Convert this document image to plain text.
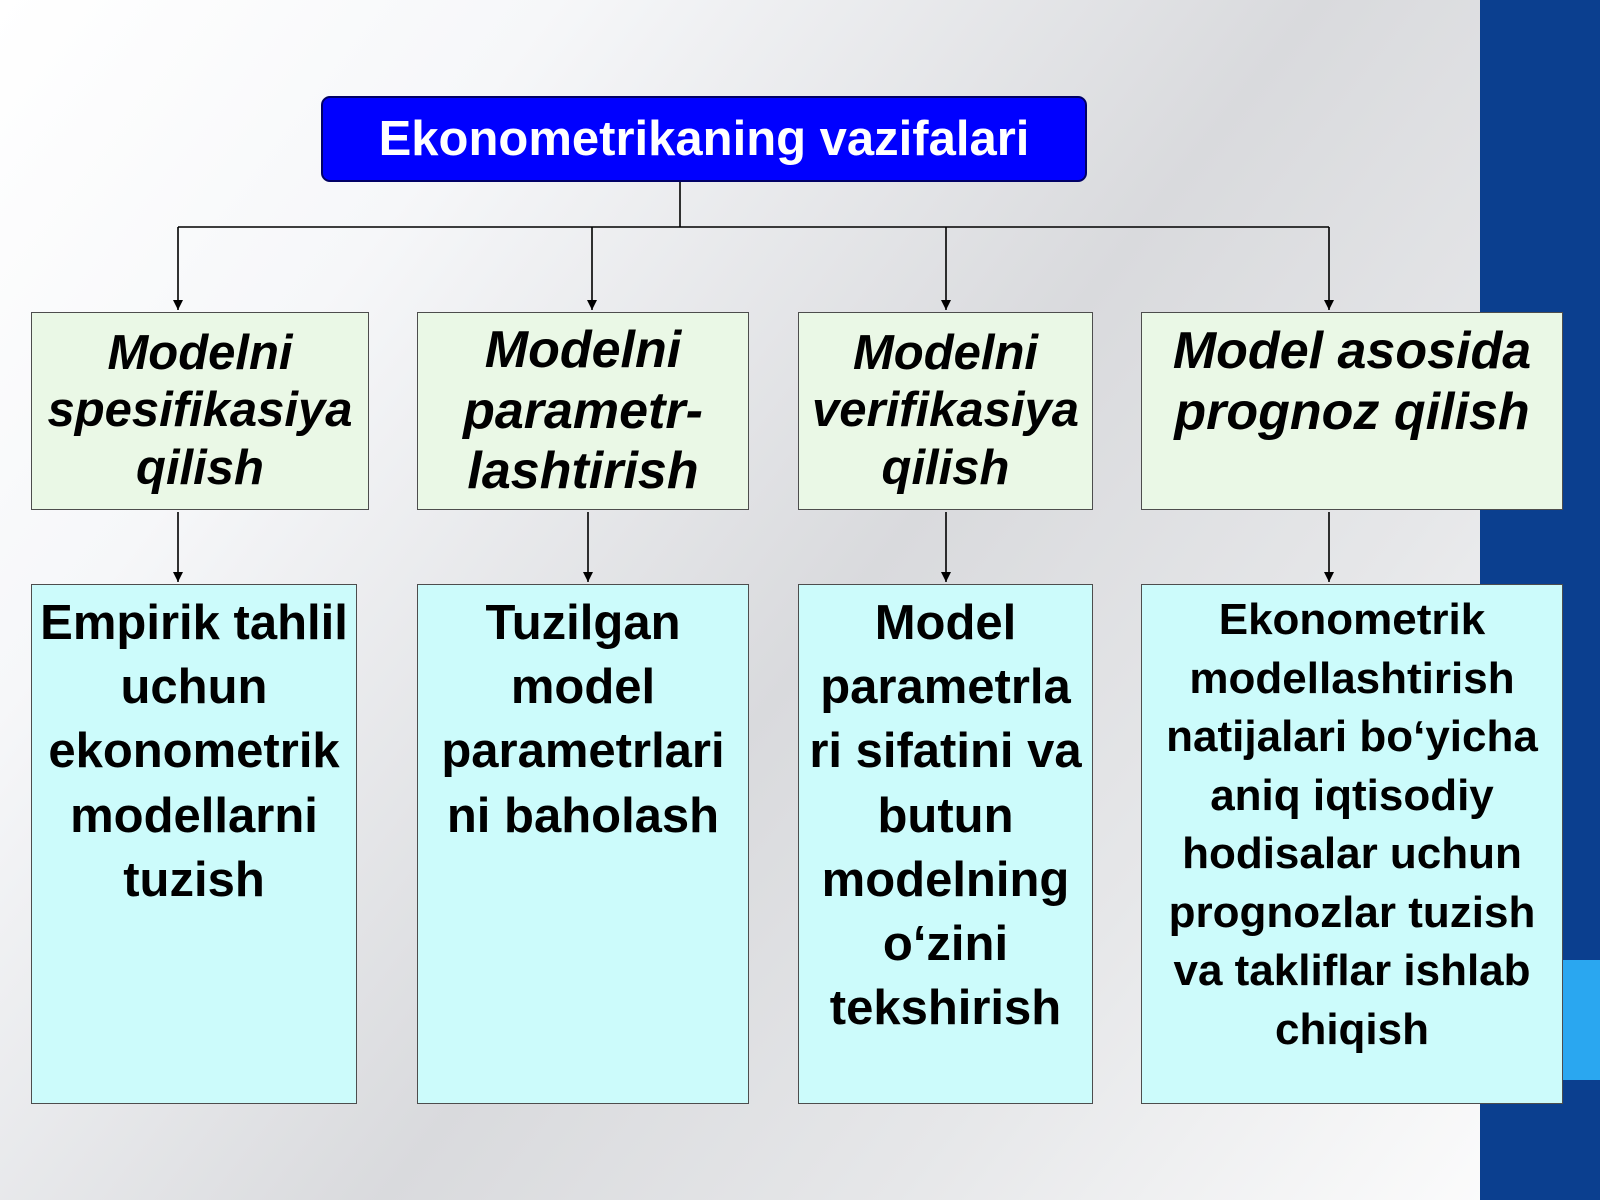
Ekonometrikaning vazifalari
Modelni spesifikasiya qilish
Modelni parametr-lashtirish
Modelni verifikasiya qilish
Model asosida prognoz qilish
Empirik tahlil uchun ekonometrik modellarni tuzish
Tuzilgan model parametrlari ni baholash
Model parametrla ri sifatini va butun modelning o‘zini tekshirish
Ekonometrik modellashtirish natijalari bo‘yicha aniq iqtisodiy hodisalar uchun prognozlar tuzish va takliflar ishlab chiqish
